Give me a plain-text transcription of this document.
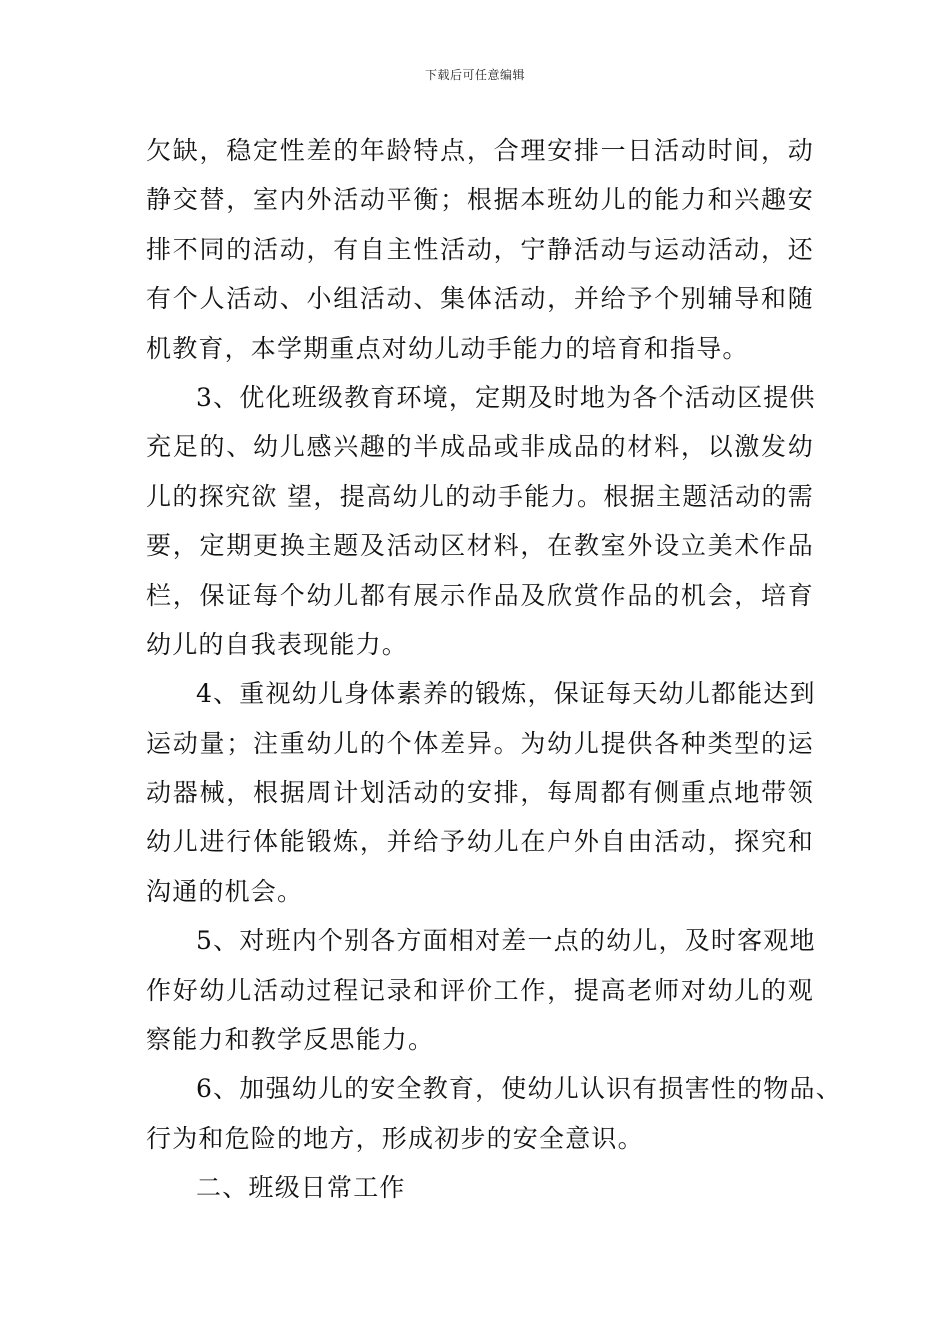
下载后可任意编辑
欠缺，稳定性差的年龄特点，合理安排一日活动时间，动
静交替，室内外活动平衡；根据本班幼儿的能力和兴趣安
排不同的活动，有自主性活动，宁静活动与运动活动，还
有个人活动、小组活动、集体活动，并给予个别辅导和随
机教育，本学期重点对幼儿动手能力的培育和指导。
3、优化班级教育环境，定期及时地为各个活动区提供
充足的、幼儿感兴趣的半成品或非成品的材料，以激发幼
儿的探究欲 望，提高幼儿的动手能力。根据主题活动的需
要，定期更换主题及活动区材料，在教室外设立美术作品
栏，保证每个幼儿都有展示作品及欣赏作品的机会，培育
幼儿的自我表现能力。
4、重视幼儿身体素养的锻炼，保证每天幼儿都能达到
运动量；注重幼儿的个体差异。为幼儿提供各种类型的运
动器械，根据周计划活动的安排，每周都有侧重点地带领
幼儿进行体能锻炼，并给予幼儿在户外自由活动，探究和
沟通的机会。
5、对班内个别各方面相对差一点的幼儿，及时客观地
作好幼儿活动过程记录和评价工作，提高老师对幼儿的观
察能力和教学反思能力。
6、加强幼儿的安全教育，使幼儿认识有损害性的物品、
行为和危险的地方，形成初步的安全意识。
二、班级日常工作
